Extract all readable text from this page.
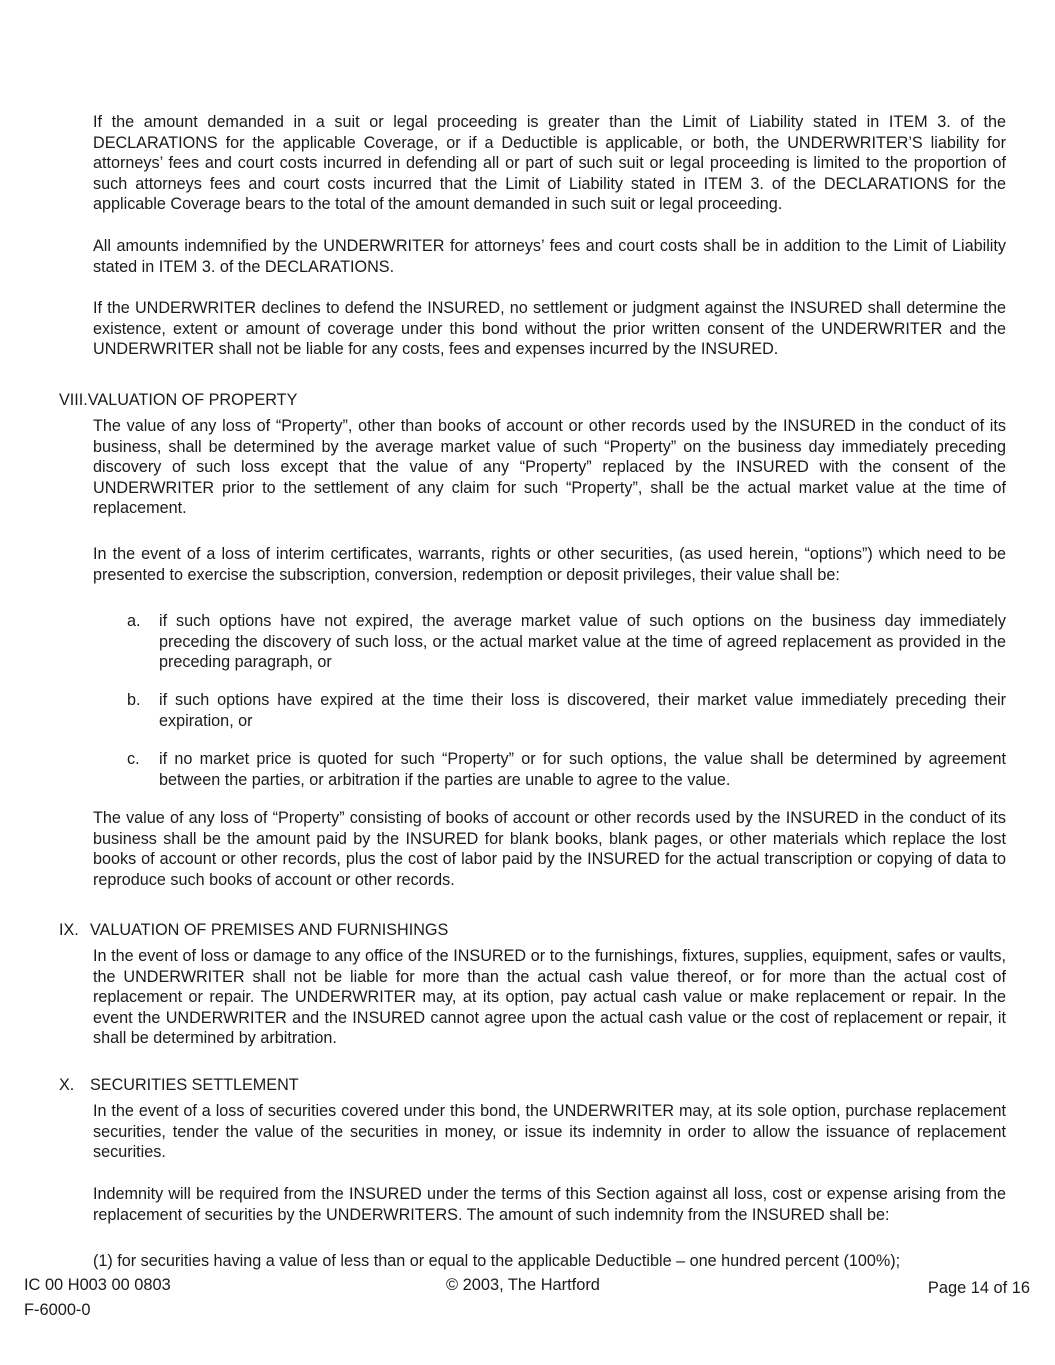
If the amount demanded in a suit or legal proceeding is greater than the Limit of Liability stated in ITEM 3. of the DECLARATIONS for the applicable Coverage, or if a Deductible is applicable, or both, the UNDERWRITER’S liability for attorneys’ fees and court costs incurred in defending all or part of such suit or legal proceeding is limited to the proportion of such attorneys fees and court costs incurred that the Limit of Liability stated in ITEM 3. of the DECLARATIONS for the applicable Coverage bears to the total of the amount demanded in such suit or legal proceeding.

All amounts indemnified by the UNDERWRITER for attorneys’ fees and court costs shall be in addition to the Limit of Liability stated in ITEM 3. of the DECLARATIONS.

If the UNDERWRITER declines to defend the INSURED, no settlement or judgment against the INSURED shall determine the existence, extent or amount of coverage under this bond without the prior written consent of the UNDERWRITER and the UNDERWRITER shall not be liable for any costs, fees and expenses incurred by the INSURED.

VIII.VALUATION OF PROPERTY

The value of any loss of “Property”, other than books of account or other records used by the INSURED in the conduct of its business, shall be determined by the average market value of such “Property” on the business day immediately preceding discovery of such loss except that the value of any “Property” replaced by the INSURED with the consent of the UNDERWRITER prior to the settlement of any claim for such “Property”, shall be the actual market value at the time of replacement.

In the event of a loss of interim certificates, warrants, rights or other securities, (as used herein, “options”) which need to be presented to exercise the subscription, conversion, redemption or deposit privileges, their value shall be:

a. if such options have not expired, the average market value of such options on the business day immediately preceding the discovery of such loss, or the actual market value at the time of agreed replacement as provided in the preceding paragraph, or

b. if such options have expired at the time their loss is discovered, their market value immediately preceding their expiration, or

c. if no market price is quoted for such “Property” or for such options, the value shall be determined by agreement between the parties, or arbitration if the parties are unable to agree to the value.

The value of any loss of “Property” consisting of books of account or other records used by the INSURED in the conduct of its business shall be the amount paid by the INSURED for blank books, blank pages, or other materials which replace the lost books of account or other records, plus the cost of labor paid by the INSURED for the actual transcription or copying of data to reproduce such books of account or other records.

IX. VALUATION OF PREMISES AND FURNISHINGS

In the event of loss or damage to any office of the INSURED or to the furnishings, fixtures, supplies, equipment, safes or vaults, the UNDERWRITER shall not be liable for more than the actual cash value thereof, or for more than the actual cost of replacement or repair. The UNDERWRITER may, at its option, pay actual cash value or make replacement or repair. In the event the UNDERWRITER and the INSURED cannot agree upon the actual cash value or the cost of replacement or repair, it shall be determined by arbitration.

X. SECURITIES SETTLEMENT

In the event of a loss of securities covered under this bond, the UNDERWRITER may, at its sole option, purchase replacement securities, tender the value of the securities in money, or issue its indemnity in order to allow the issuance of replacement securities.

Indemnity will be required from the INSURED under the terms of this Section against all loss, cost or expense arising from the replacement of securities by the UNDERWRITERS. The amount of such indemnity from the INSURED shall be:

(1) for securities having a value of less than or equal to the applicable Deductible – one hundred percent (100%);

IC 00 H003 00 0803	© 2003, The Hartford	Page 14 of 16

F-6000-0
